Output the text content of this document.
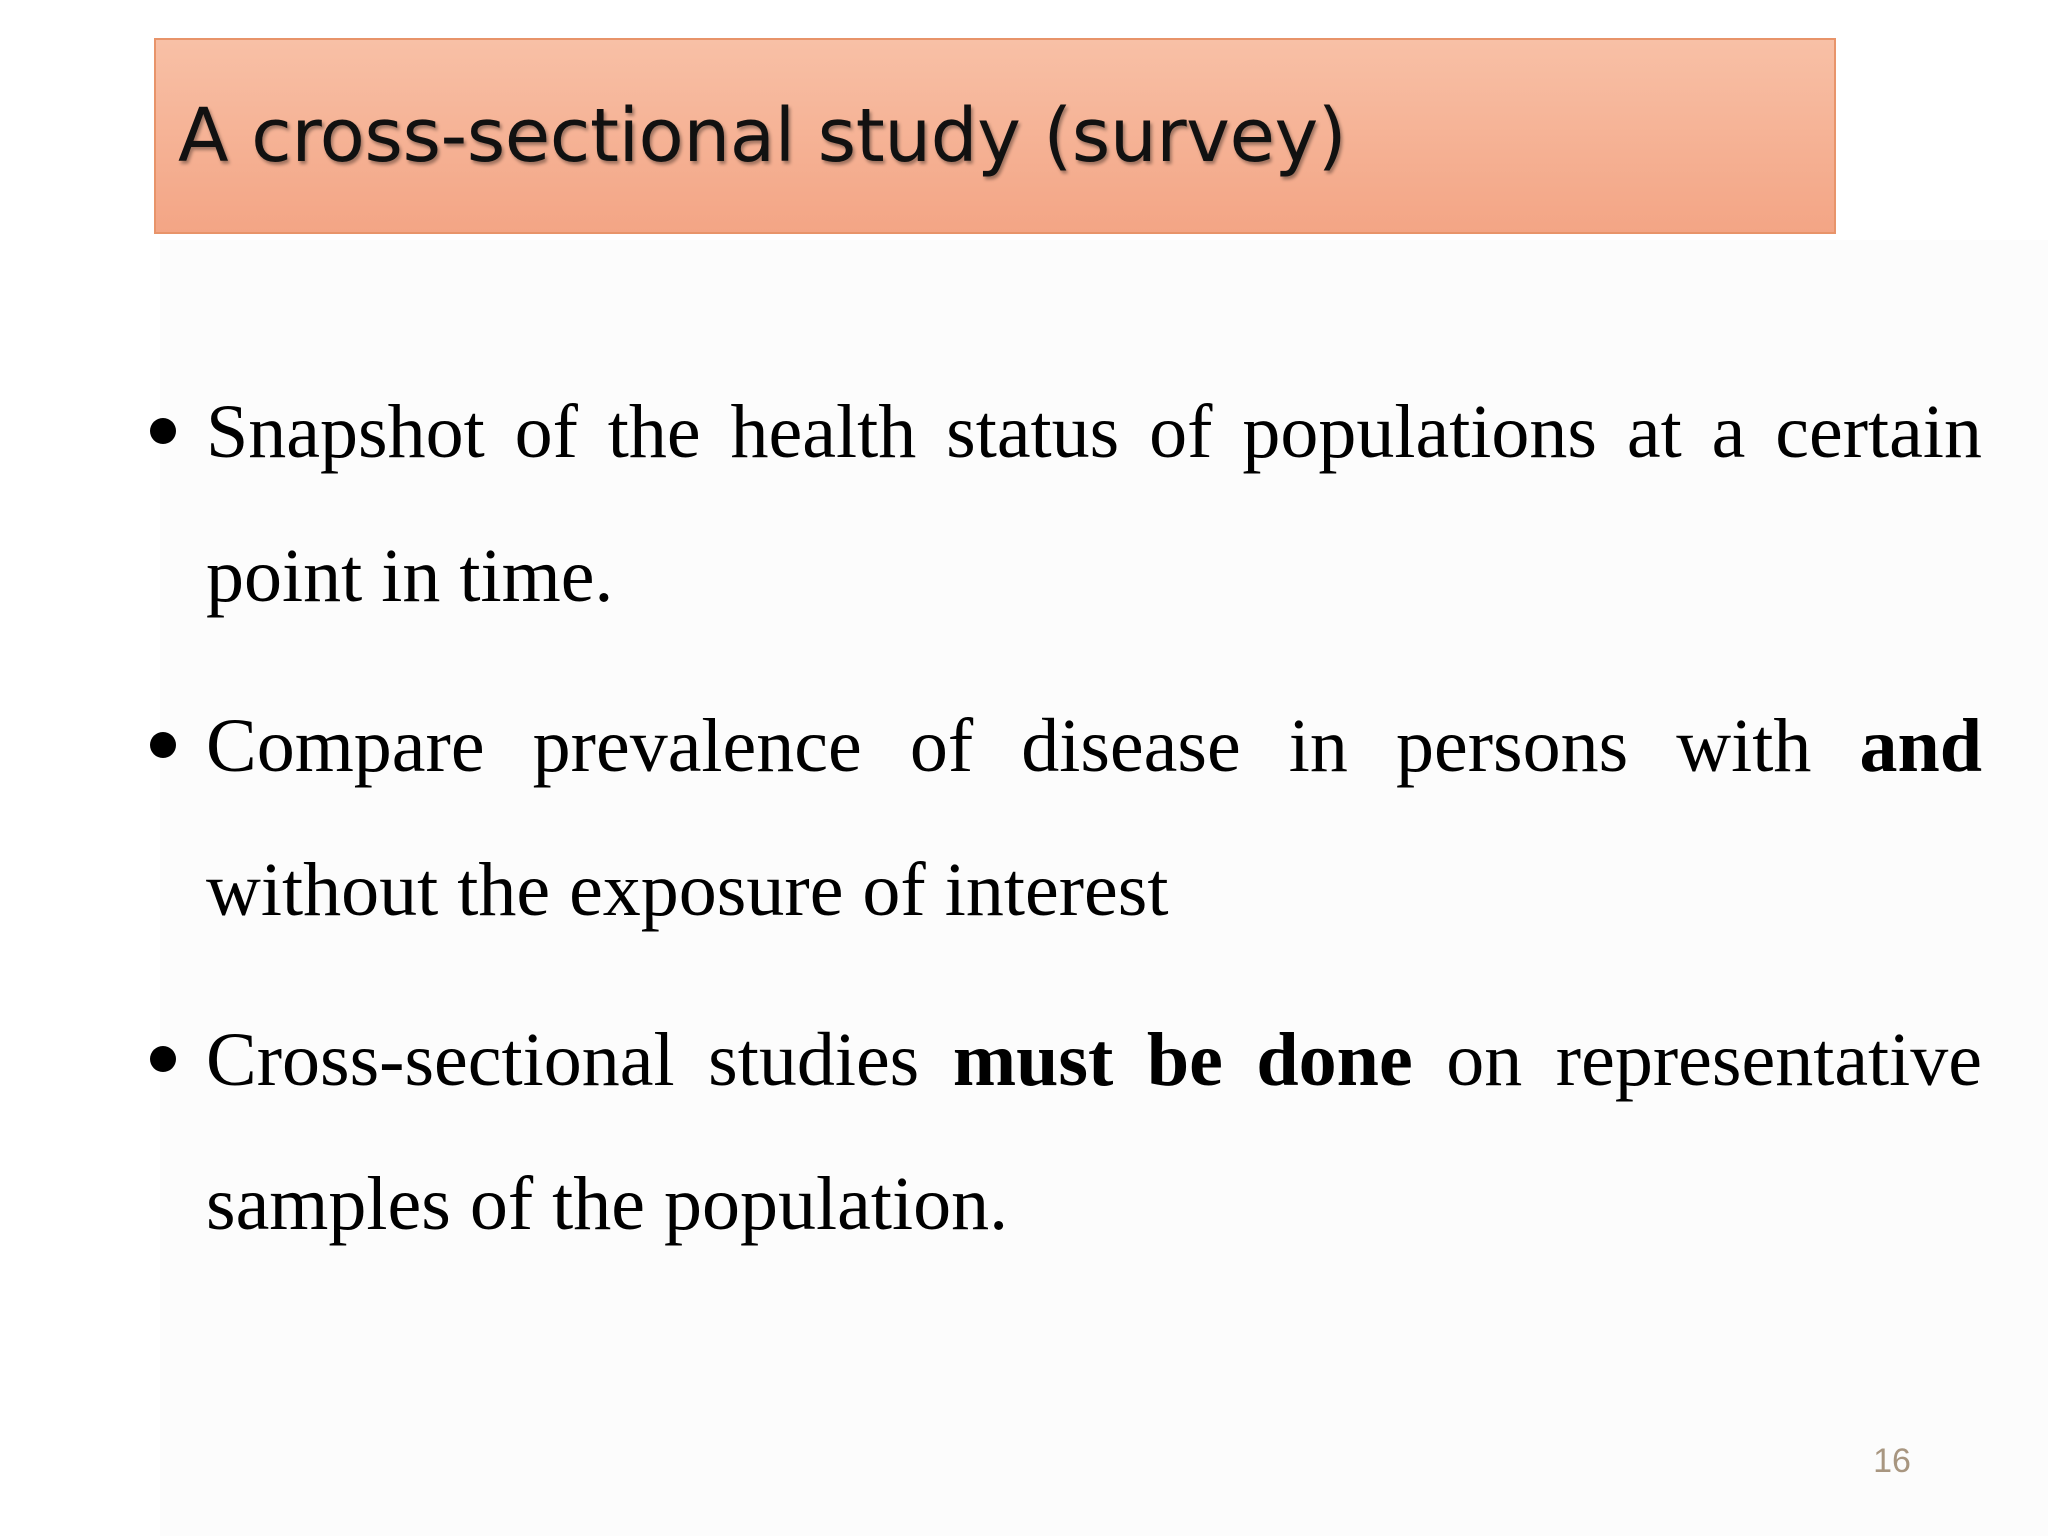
A cross-sectional study (survey)
Snapshot of the health status of populations at a certain point in time.
Compare prevalence of disease in persons with and without the exposure of interest
Cross-sectional studies must be done on representative samples of the population.
16
